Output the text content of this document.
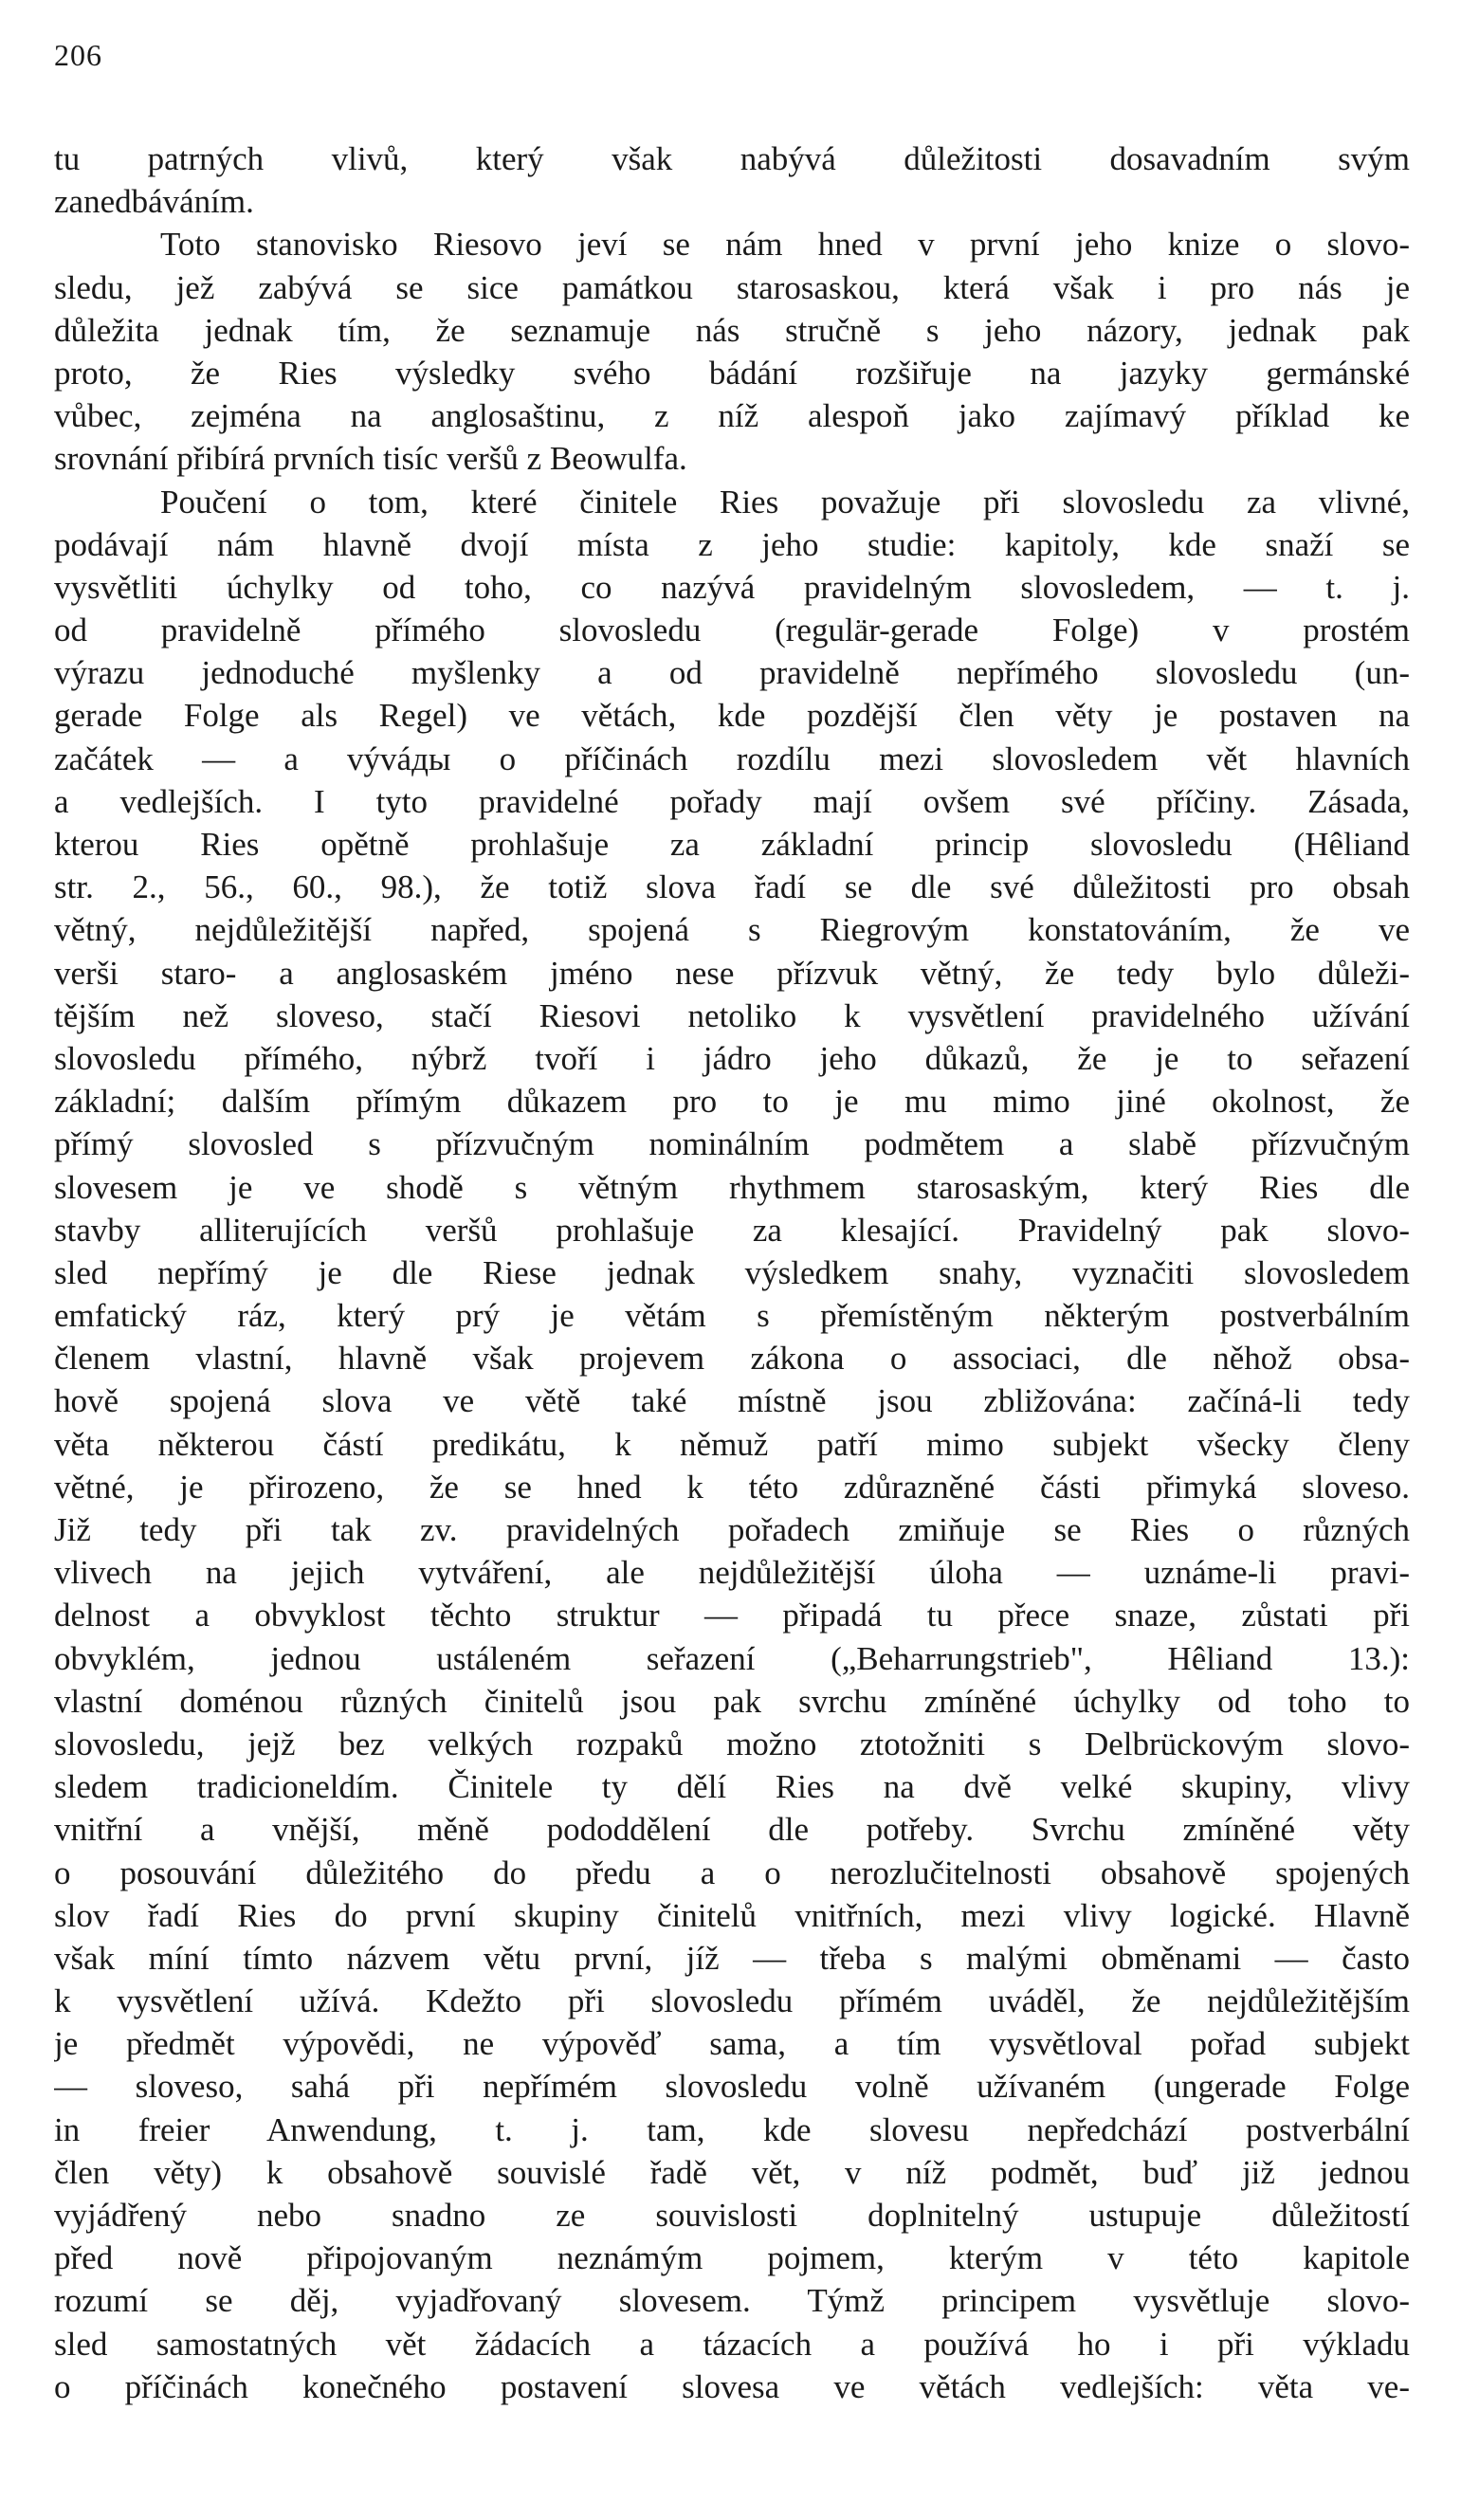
206
tu patrných vlivů, který však nabývá důležitosti dosavadním svým
zanedbáváním.
Toto stanovisko Riesovo jeví se nám hned v první jeho knize o slovo-
sledu, jež zabývá se sice památkou starosaskou, která však i pro nás je
důležita jednak tím, že seznamuje nás stručně s jeho názory, jednak pak
proto, že Ries výsledky svého bádání rozšiřuje na jazyky germánské
vůbec, zejména na anglosaštinu, z níž alespoň jako zajímavý příklad ke
srovnání přibírá prvních tisíc veršů z Beowulfa.
Poučení o tom, které činitele Ries považuje při slovosledu za vlivné,
podávají nám hlavně dvojí místa z jeho studie: kapitoly, kde snaží se
vysvětliti úchylky od toho, co nazývá pravidelným slovosledem, — t. j.
od pravidelně přímého slovosledu (regulär-gerade Folge) v prostém
výrazu jednoduché myšlenky a od pravidelně nepřímého slovosledu (un-
gerade Folge als Regel) ve větách, kde pozdější člen věty je postaven na
začátek — a výváды o příčinách rozdílu mezi slovosledem vět hlavních
a vedlejších. I tyto pravidelné pořady mají ovšem své příčiny. Zásada,
kterou Ries opětně prohlašuje za základní princip slovosledu (Hêliand
str. 2., 56., 60., 98.), že totiž slova řadí se dle své důležitosti pro obsah
větný, nejdůležitější napřed, spojená s Riegrovým konstatováním, že ve
verši staro- a anglosaském jméno nese přízvuk větný, že tedy bylo důleži-
tějším než sloveso, stačí Riesovi netoliko k vysvětlení pravidelného užívání
slovosledu přímého, nýbrž tvoří i jádro jeho důkazů, že je to seřazení
základní; dalším přímým důkazem pro to je mu mimo jiné okolnost, že
přímý slovosled s přízvučným nominálním podmětem a slabě přízvučným
slovesem je ve shodě s větným rhythmem starosaským, který Ries dle
stavby alliterujících veršů prohlašuje za klesající. Pravidelný pak slovo-
sled nepřímý je dle Riese jednak výsledkem snahy, vyznačiti slovosledem
emfatický ráz, který prý je větám s přemístěným některým postverbálním
členem vlastní, hlavně však projevem zákona o associaci, dle něhož obsa-
hově spojená slova ve větě také místně jsou zbližována: začíná-li tedy
věta některou částí predikátu, k němuž patří mimo subjekt všecky členy
větné, je přirozeno, že se hned k této zdůrazněné části přimyká sloveso.
Již tedy při tak zv. pravidelných pořadech zmiňuje se Ries o různých
vlivech na jejich vytváření, ale nejdůležitější úloha — uznáme-li pravi-
delnost a obvyklost těchto struktur — připadá tu přece snaze, zůstati při
obvyklém, jednou ustáleném seřazení („Beharrungstrieb", Hêliand 13.):
vlastní doménou různých činitelů jsou pak svrchu zmíněné úchylky od toho to
slovosledu, jejž bez velkých rozpaků možno ztotožniti s Delbrückovým slovo-
sledem tradicioneldím. Činitele ty dělí Ries na dvě velké skupiny, vlivy
vnitřní a vnější, měně pododdělení dle potřeby. Svrchu zmíněné věty
o posouvání důležitého do předu a o nerozlučitelnosti obsahově spojených
slov řadí Ries do první skupiny činitelů vnitřních, mezi vlivy logické. Hlavně
však míní tímto názvem větu první, jíž — třeba s malými obměnami — často
k vysvětlení užívá. Kdežto při slovosledu přímém uváděl, že nejdůležitějším
je předmět výpovědi, ne výpověď sama, a tím vysvětloval pořad subjekt
— sloveso, sahá při nepřímém slovosledu volně užívaném (ungerade Folge
in freier Anwendung, t. j. tam, kde slovesu nepředchází postverbální
člen věty) k obsahově souvislé řadě vět, v níž podmět, buď již jednou
vyjádřený nebo snadno ze souvislosti doplnitelný ustupuje důležitostí
před nově připojovaným neznámým pojmem, kterým v této kapitole
rozumí se děj, vyjadřovaný slovesem. Týmž principem vysvětluje slovo-
sled samostatných vět žádacích a tázacích a používá ho i při výkladu
o příčinách konečného postavení slovesa ve větách vedlejších: věta ve-
